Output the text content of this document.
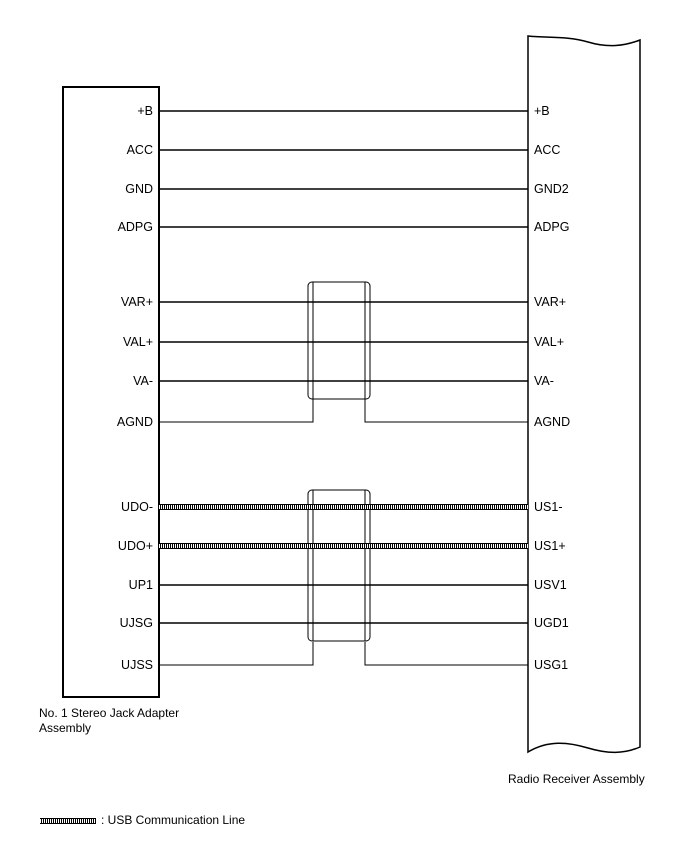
+B	+B
ACC	ACC
GND	GND2
ADPG	ADPG
VAR+	VAR+
VAL+	VAL+
VA-	VA-
AGND	AGND
UDO-	US1-
UDO+	US1+
UP1	USV1
UJSG	UGD1
UJSS	USG1
No. 1 Stereo Jack Adapter
Assembly
Radio Receiver Assembly
: USB Communication Line
